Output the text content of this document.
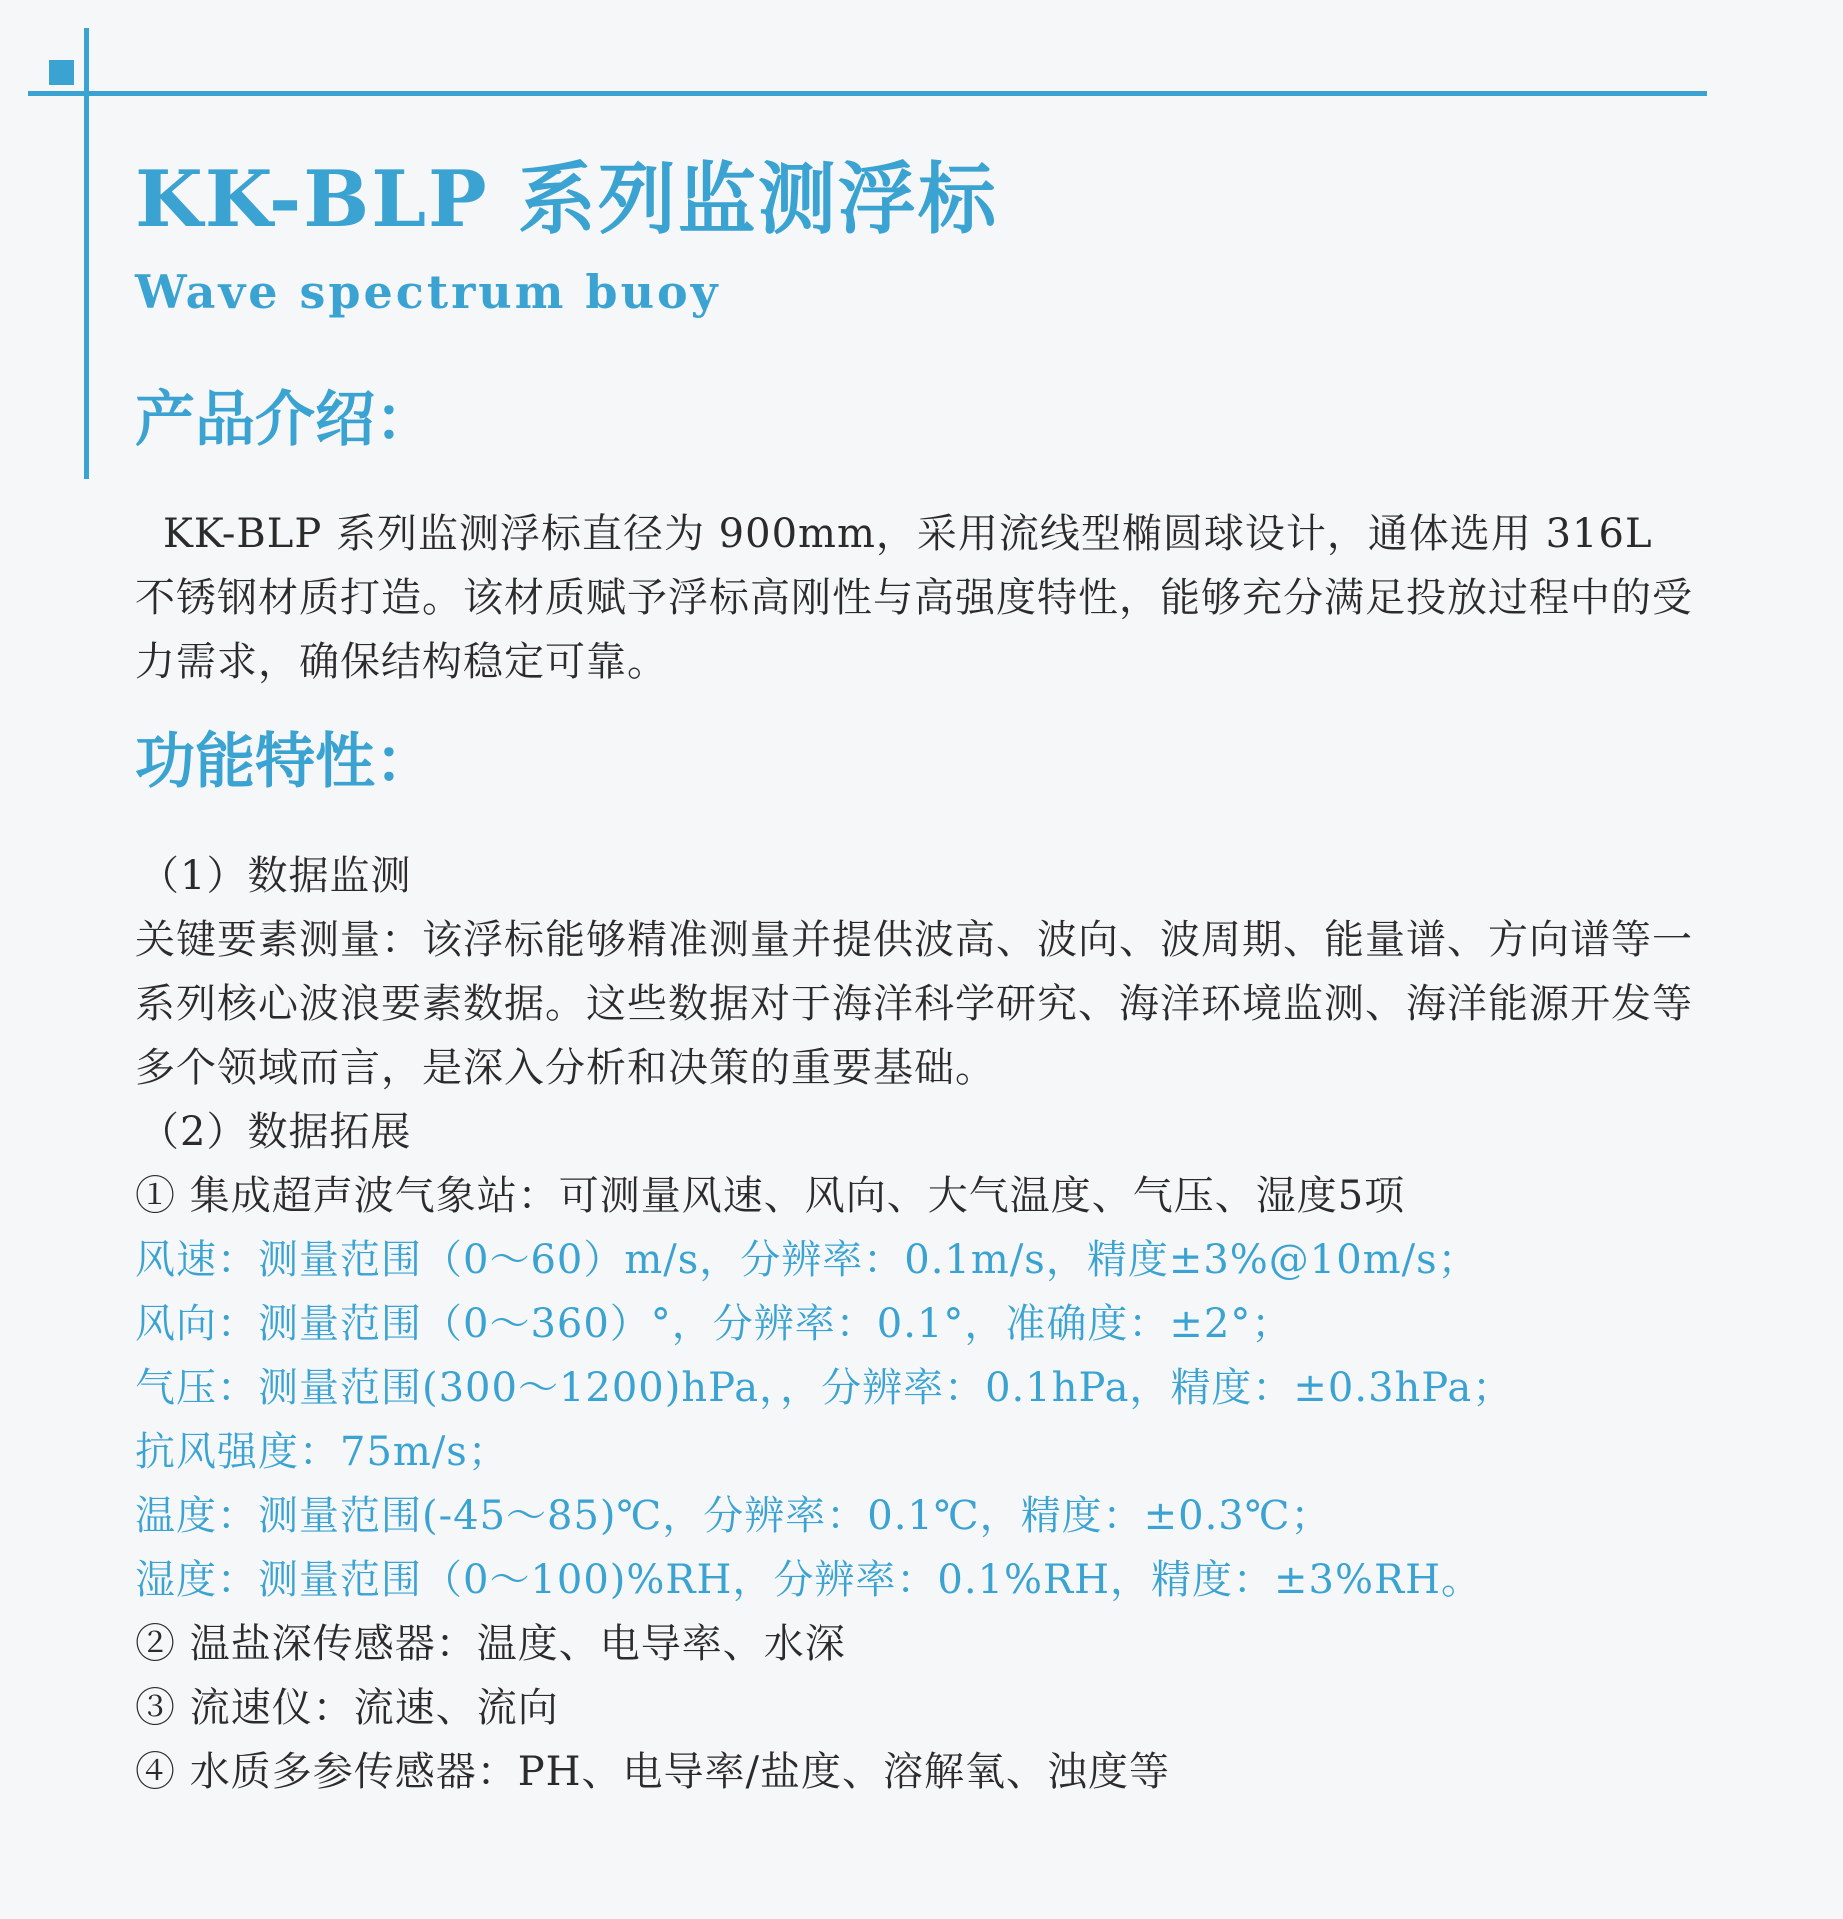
KK-BLP 系列监测浮标
Wave spectrum buoy
产品介绍：

KK-BLP 系列监测浮标直径为 900mm，采用流线型椭圆球设计，通体选用 316L 不锈钢材质打造。该材质赋予浮标高刚性与高强度特性，能够充分满足投放过程中的受力需求，确保结构稳定可靠。

功能特性：
（1）数据监测
关键要素测量：该浮标能够精准测量并提供波高、波向、波周期、能量谱、方向谱等一系列核心波浪要素数据。这些数据对于海洋科学研究、海洋环境监测、海洋能源开发等多个领域而言，是深入分析和决策的重要基础。
（2）数据拓展
① 集成超声波气象站：可测量风速、风向、大气温度、气压、湿度5项
风速：测量范围（0～60）m/s，分辨率：0.1m/s，精度±3%@10m/s；
风向：测量范围（0～360）°，分辨率：0.1°，准确度：±2°；
气压：测量范围(300～1200)hPa，，分辨率：0.1hPa，精度：±0.3hPa；
抗风强度：75m/s；
温度：测量范围(-45～85)℃，分辨率：0.1℃，精度：±0.3℃；
湿度：测量范围（0～100)%RH，分辨率：0.1%RH，精度：±3%RH。
② 温盐深传感器：温度、电导率、水深
③ 流速仪：流速、流向
④ 水质多参传感器：PH、电导率/盐度、溶解氧、浊度等
